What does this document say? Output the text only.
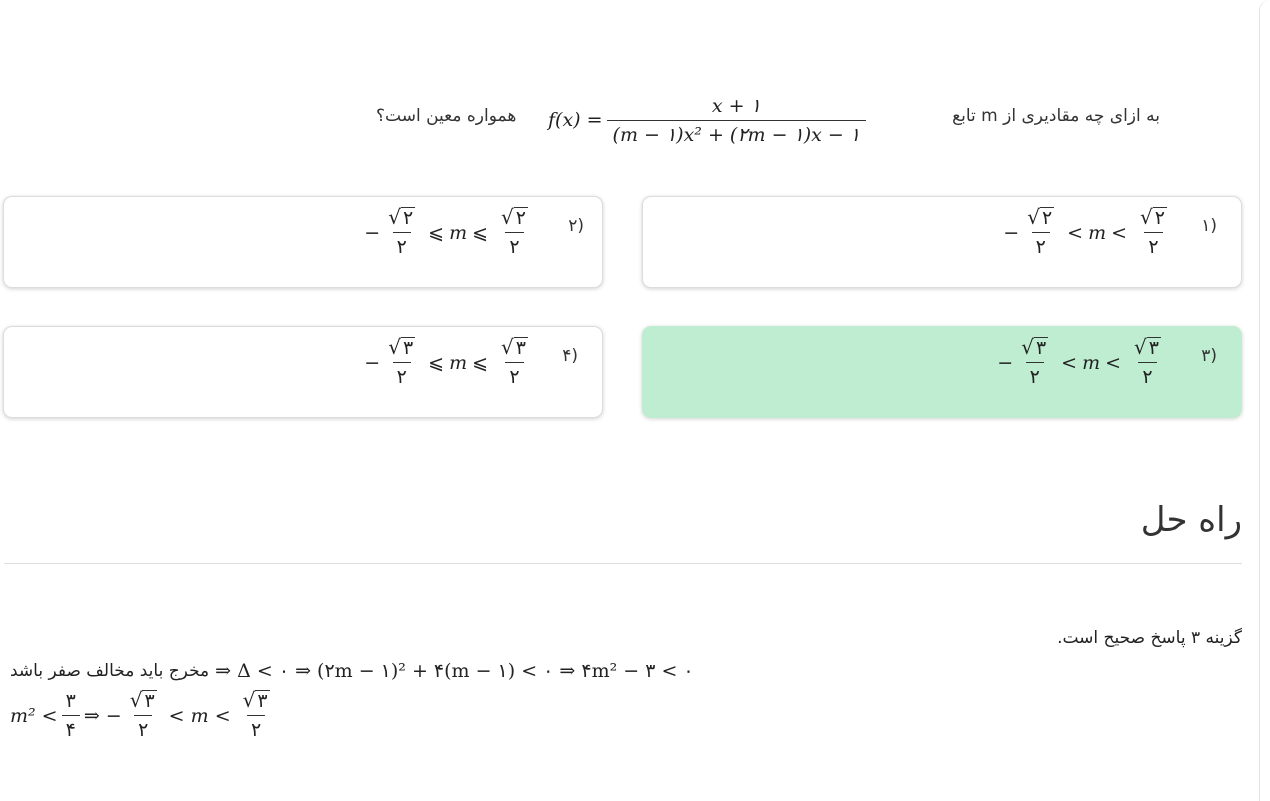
همواره معین است؟ $f(x) = \frac{x + ۱}{\text{(m − ۱)x² + (۲m − ۱)x − ۱}}$	به ازای چه مقادیری از m تابع
۱)
− $\frac{√ ۲}{۲} < m < \frac{√ ۲}{۲}$
۲)
− $\frac{√ ۲}{۲}$ ⩽ m ⩽ $\frac{√ ۲}{۲}$
۳)
− $\frac{√ ۳}{۲} < m < \frac{√ ۳}{۲}$
۴)
− $\frac{√ ۳}{۲}$ ⩽ m ⩽ $\frac{√ ۳}{۲}$
راه حل
گزینه ۳ پاسخ صحیح است.
مخرج باید مخالف صفر باشد ⇒ Δ < ۰ ⇒ (۲m − ۱)² + ۴(m − ۱) < ۰ ⇒ ۴m² − ۳ < ۰
$m^2 < \frac{۳}{۴}$ ⇒ − $\frac{√ ۳}{۲} < m < \frac{√ ۳}{۲}$
